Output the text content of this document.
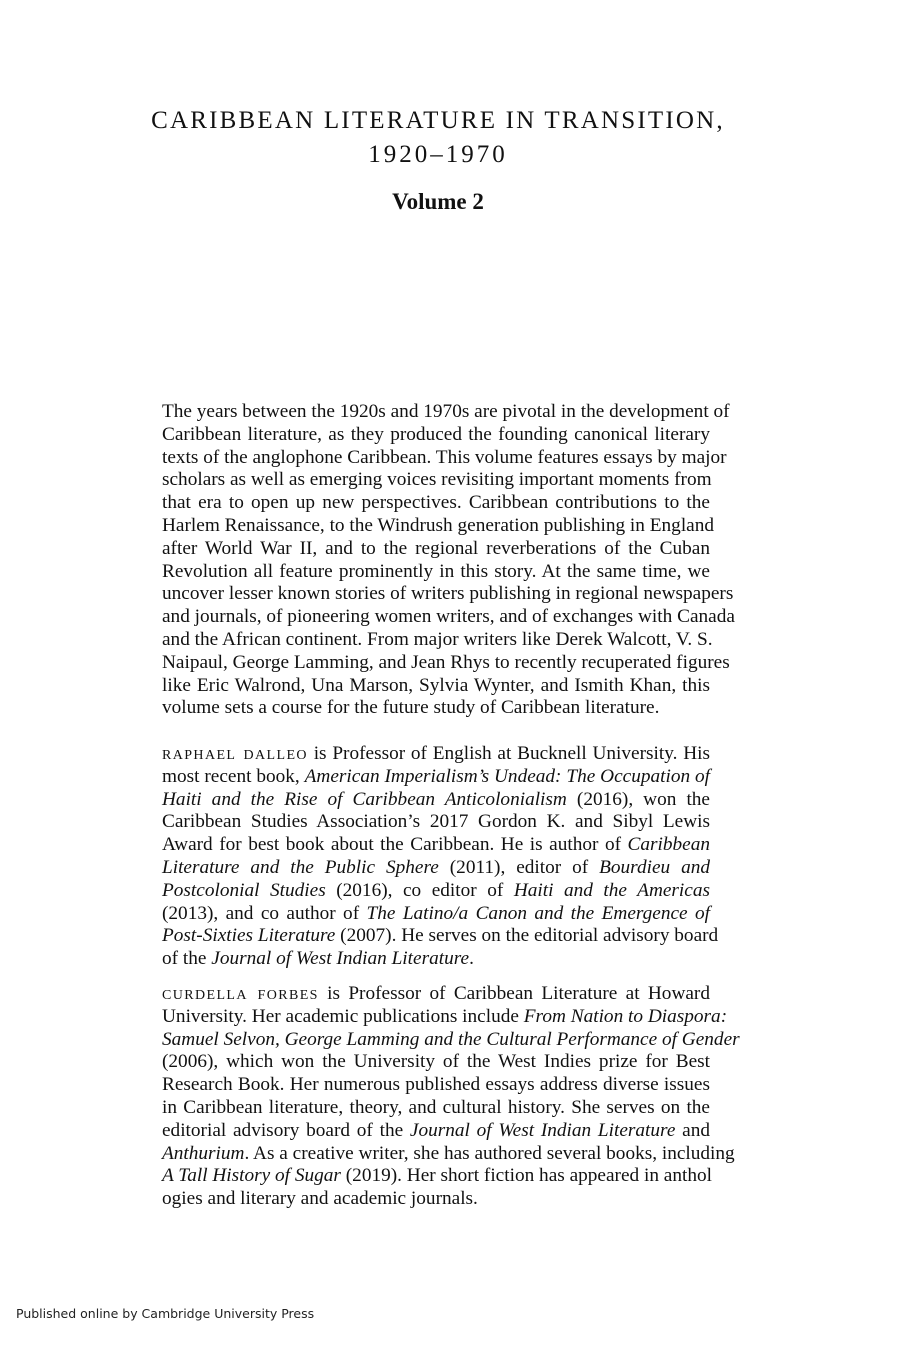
CARIBBEAN LITERATURE IN TRANSITION,
1920–1970
Volume 2
The years between the 1920s and 1970s are pivotal in the development of
Caribbean literature, as they produced the founding canonical literary
texts of the anglophone Caribbean. This volume features essays by major
scholars as well as emerging voices revisiting important moments from
that era to open up new perspectives. Caribbean contributions to the
Harlem Renaissance, to the Windrush generation publishing in England
after World War II, and to the regional reverberations of the Cuban
Revolution all feature prominently in this story. At the same time, we
uncover lesser known stories of writers publishing in regional newspapers
and journals, of pioneering women writers, and of exchanges with Canada
and the African continent. From major writers like Derek Walcott, V. S.
Naipaul, George Lamming, and Jean Rhys to recently recuperated figures
like Eric Walrond, Una Marson, Sylvia Wynter, and Ismith Khan, this
volume sets a course for the future study of Caribbean literature.
raphael dalleo is Professor of English at Bucknell University. His
most recent book, American Imperialism’s Undead: The Occupation of
Haiti and the Rise of Caribbean Anticolonialism (2016), won the
Caribbean Studies Association’s 2017 Gordon K. and Sibyl Lewis
Award for best book about the Caribbean. He is author of Caribbean
Literature and the Public Sphere (2011), editor of Bourdieu and
Postcolonial Studies (2016), co editor of Haiti and the Americas
(2013), and co author of The Latino/a Canon and the Emergence of
Post-Sixties Literature (2007). He serves on the editorial advisory board
of the Journal of West Indian Literature.
curdella forbes is Professor of Caribbean Literature at Howard
University. Her academic publications include From Nation to Diaspora:
Samuel Selvon, George Lamming and the Cultural Performance of Gender
(2006), which won the University of the West Indies prize for Best
Research Book. Her numerous published essays address diverse issues
in Caribbean literature, theory, and cultural history. She serves on the
editorial advisory board of the Journal of West Indian Literature and
Anthurium. As a creative writer, she has authored several books, including
A Tall History of Sugar (2019). Her short fiction has appeared in anthol
ogies and literary and academic journals.
Published online by Cambridge University Press
